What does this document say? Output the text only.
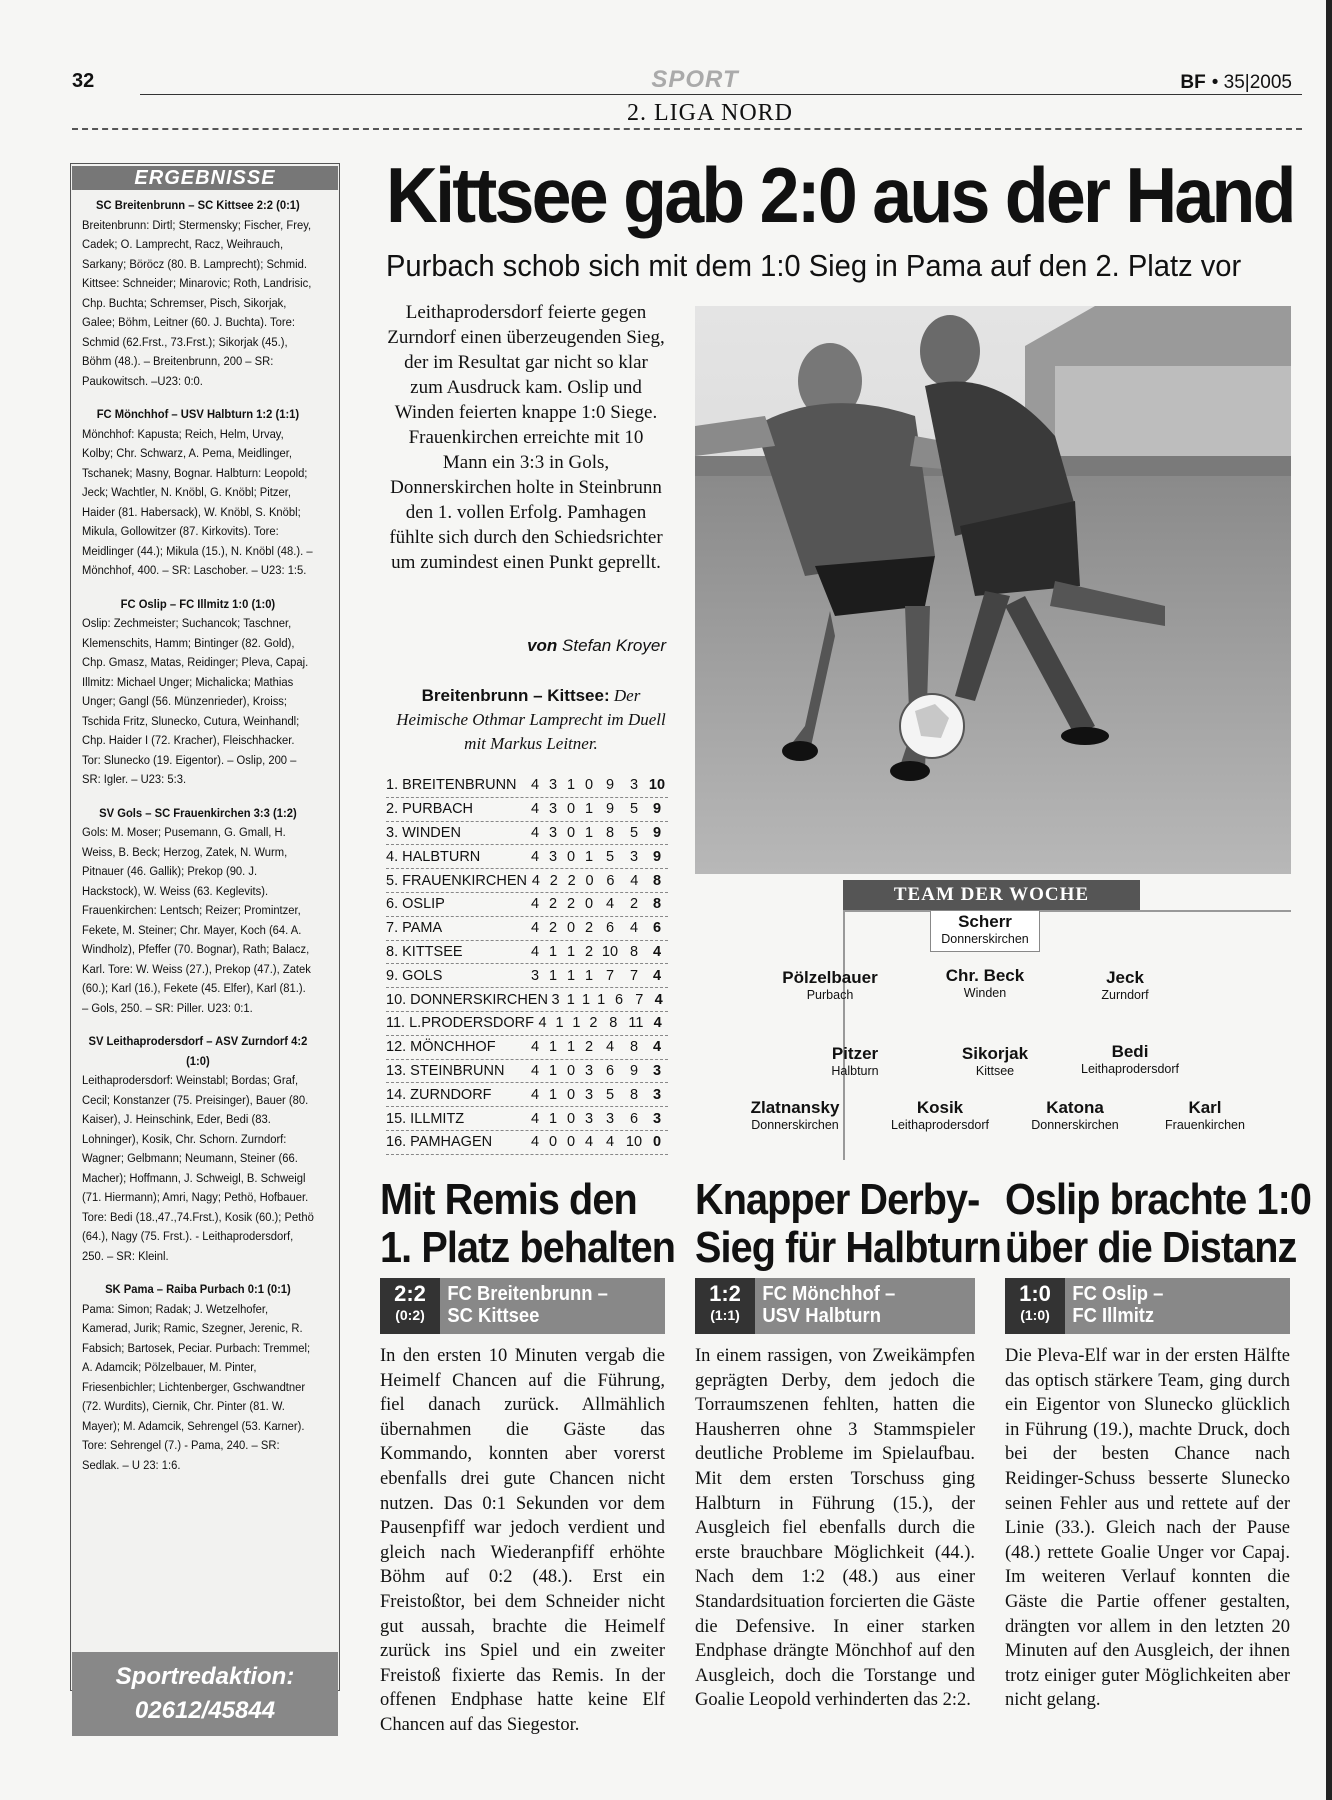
32	SPORT	BF • 35|2005
2. LIGA NORD
ERGEBNISSE
SC Breitenbrunn – SC Kittsee 2:2 (0:1)

Breitenbrunn: Dirtl; Stermensky; Fischer, Frey, Cadek; O. Lamprecht, Racz, Weihrauch, Sarkany; Böröcz (80. B. Lamprecht); Schmid. Kittsee: Schneider; Minarovic; Roth, Landrisic, Chp. Buchta; Schremser, Pisch, Sikorjak, Galee; Böhm, Leitner (60. J. Buchta). Tore: Schmid (62.Frst., 73.Frst.); Sikorjak (45.), Böhm (48.). – Breitenbrunn, 200 – SR: Paukowitsch. –U23: 0:0.

FC Mönchhof – USV Halbturn 1:2 (1:1)

Mönchhof: Kapusta; Reich, Helm, Urvay, Kolby; Chr. Schwarz, A. Pema, Meidlinger, Tschanek; Masny, Bognar. Halbturn: Leopold; Jeck; Wachtler, N. Knöbl, G. Knöbl; Pitzer, Haider (81. Habersack), W. Knöbl, S. Knöbl; Mikula, Gollowitzer (87. Kirkovits). Tore: Meidlinger (44.); Mikula (15.), N. Knöbl (48.). – Mönchhof, 400. – SR: Laschober. – U23: 1:5.

FC Oslip – FC Illmitz 1:0 (1:0)

Oslip: Zechmeister; Suchancok; Taschner, Klemenschits, Hamm; Bintinger (82. Gold), Chp. Gmasz, Matas, Reidinger; Pleva, Capaj. Illmitz: Michael Unger; Michalicka; Mathias Unger; Gangl (56. Münzenrieder), Kroiss; Tschida Fritz, Slunecko, Cutura, Weinhandl; Chp. Haider I (72. Kracher), Fleischhacker. Tor: Slunecko (19. Eigentor). – Oslip, 200 – SR: Igler. – U23: 5:3.

SV Gols – SC Frauenkirchen 3:3 (1:2)

Gols: M. Moser; Pusemann, G. Gmall, H. Weiss, B. Beck; Herzog, Zatek, N. Wurm, Pitnauer (46. Gallik); Prekop (90. J. Hackstock), W. Weiss (63. Keglevits). Frauenkirchen: Lentsch; Reizer; Promintzer, Fekete, M. Steiner; Chr. Mayer, Koch (64. A. Windholz), Pfeffer (70. Bognar), Rath; Balacz, Karl. Tore: W. Weiss (27.), Prekop (47.), Zatek (60.); Karl (16.), Fekete (45. Elfer), Karl (81.). – Gols, 250. – SR: Piller. U23: 0:1.

SV Leithaprodersdorf – ASV Zurndorf 4:2 (1:0)

Leithaprodersdorf: Weinstabl; Bordas; Graf, Cecil; Konstanzer (75. Preisinger), Bauer (80. Kaiser), J. Heinschink, Eder, Bedi (83. Lohninger), Kosik, Chr. Schorn. Zurndorf: Wagner; Gelbmann; Neumann, Steiner (66. Macher); Hoffmann, J. Schweigl, B. Schweigl (71. Hiermann); Amri, Nagy; Pethö, Hofbauer. Tore: Bedi (18.,47.,74.Frst.), Kosik (60.); Pethö (64.), Nagy (75. Frst.). - Leithaprodersdorf, 250. – SR: Kleinl.

SK Pama – Raiba Purbach 0:1 (0:1)

Pama: Simon; Radak; J. Wetzelhofer, Kamerad, Jurik; Ramic, Szegner, Jerenic, R. Fabsich; Bartosek, Peciar. Purbach: Tremmel; A. Adamcik; Pölzelbauer, M. Pinter, Friesenbichler; Lichtenberger, Gschwandtner (72. Wurdits), Ciernik, Chr. Pinter (81. W. Mayer); M. Adamcik, Sehrengel (53. Karner). Tore: Sehrengel (7.) - Pama, 240. – SR: Sedlak. – U 23: 1:6.

Sportredaktion:
02612/45844
Kittsee gab 2:0 aus der Hand
Purbach schob sich mit dem 1:0 Sieg in Pama auf den 2. Platz vor
Leithaprodersdorf feierte gegen Zurndorf einen überzeugenden Sieg, der im Resultat gar nicht so klar zum Ausdruck kam. Oslip und Winden feierten knappe 1:0 Siege. Frauenkirchen erreichte mit 10 Mann ein 3:3 in Gols, Donnerskirchen holte in Steinbrunn den 1. vollen Erfolg. Pamhagen fühlte sich durch den Schiedsrichter um zumindest einen Punkt geprellt.
von Stefan Kroyer
Breitenbrunn – Kittsee: Der Heimische Othmar Lamprecht im Duell mit Markus Leitner.
1. BREITENBRUNN 4 3 1 0 9	3 10
2. PURBACH	4 3 0 1 9	5	9
3. WINDEN	4 3 0 1 8	5	9
4. HALBTURN	4 3 0 1 5	3	9
5. FRAUENKIRCHEN 4 2 2 0 6	4	8
6. OSLIP	4 2 2 0 4	2	8
7. PAMA	4 2 0 2 6	4	6
8. KITTSEE	4 1 1 2 10 8	4
9. GOLS	3 1 1 1 7	7	4
10. DONNERSKIRCHEN 3 1 1 1 6 7 4
11. L.PRODERSDORF 4 1 1 2 8 11 4
12. MÖNCHHOF	4 1 1 2 4	8	4
13. STEINBRUNN	4 1 0 3 6	9	3
14. ZURNDORF	4 1 0 3 5	8	3
15. ILLMITZ	4 1 0 3 3	6	3
16. PAMHAGEN	4 0 0 4 4 10 0
TEAM DER WOCHE
Scherr
Donnerskirchen
Pölzelbauer
Purbach
Chr. Beck
Winden
Jeck
Zurndorf
Pitzer
Halbturn
Sikorjak
Kittsee
Bedi
Leithaprodersdorf
Zlatnansky
Donnerskirchen
Kosik
Leithaprodersdorf
Katona
Donnerskirchen
Karl
Frauenkirchen
Mit Remis den
1. Platz behalten
2:2
(0:2)
FC Breitenbrunn –
SC Kittsee
In den ersten 10 Minuten vergab die Heimelf Chancen auf die Führung, fiel danach zurück. Allmählich übernahmen die Gäste das Kommando, konnten aber vorerst ebenfalls drei gute Chancen nicht nutzen. Das 0:1 Sekunden vor dem Pausenpfiff war jedoch verdient und gleich nach Wiederanpfiff erhöhte Böhm auf 0:2 (48.). Erst ein Freistoßtor, bei dem Schneider nicht gut aussah, brachte die Heimelf zurück ins Spiel und ein zweiter Freistoß fixierte das Remis. In der offenen Endphase hatte keine Elf Chancen auf das Siegestor.
Knapper Derby-
Sieg für Halbturn
1:2
(1:1)
FC Mönchhof –
USV Halbturn
In einem rassigen, von Zweikämpfen geprägten Derby, dem jedoch die Torraumszenen fehlten, hatten die Hausherren ohne 3 Stammspieler deutliche Probleme im Spielaufbau. Mit dem ersten Torschuss ging Halbturn in Führung (15.), der Ausgleich fiel ebenfalls durch die erste brauchbare Möglichkeit (44.). Nach dem 1:2 (48.) aus einer Standardsituation forcierten die Gäste die Defensive. In einer starken Endphase drängte Mönchhof auf den Ausgleich, doch die Torstange und Goalie Leopold verhinderten das 2:2.
Oslip brachte 1:0
über die Distanz
1:0
(1:0)
FC Oslip –
FC Illmitz
Die Pleva-Elf war in der ersten Hälfte das optisch stärkere Team, ging durch ein Eigentor von Slunecko glücklich in Führung (19.), machte Druck, doch bei der besten Chance nach Reidinger-Schuss besserte Slunecko seinen Fehler aus und rettete auf der Linie (33.). Gleich nach der Pause (48.) rettete Goalie Unger vor Capaj. Im weiteren Verlauf konnten die Gäste die Partie offener gestalten, drängten vor allem in den letzten 20 Minuten auf den Ausgleich, der ihnen trotz einiger guter Möglichkeiten aber nicht gelang.
